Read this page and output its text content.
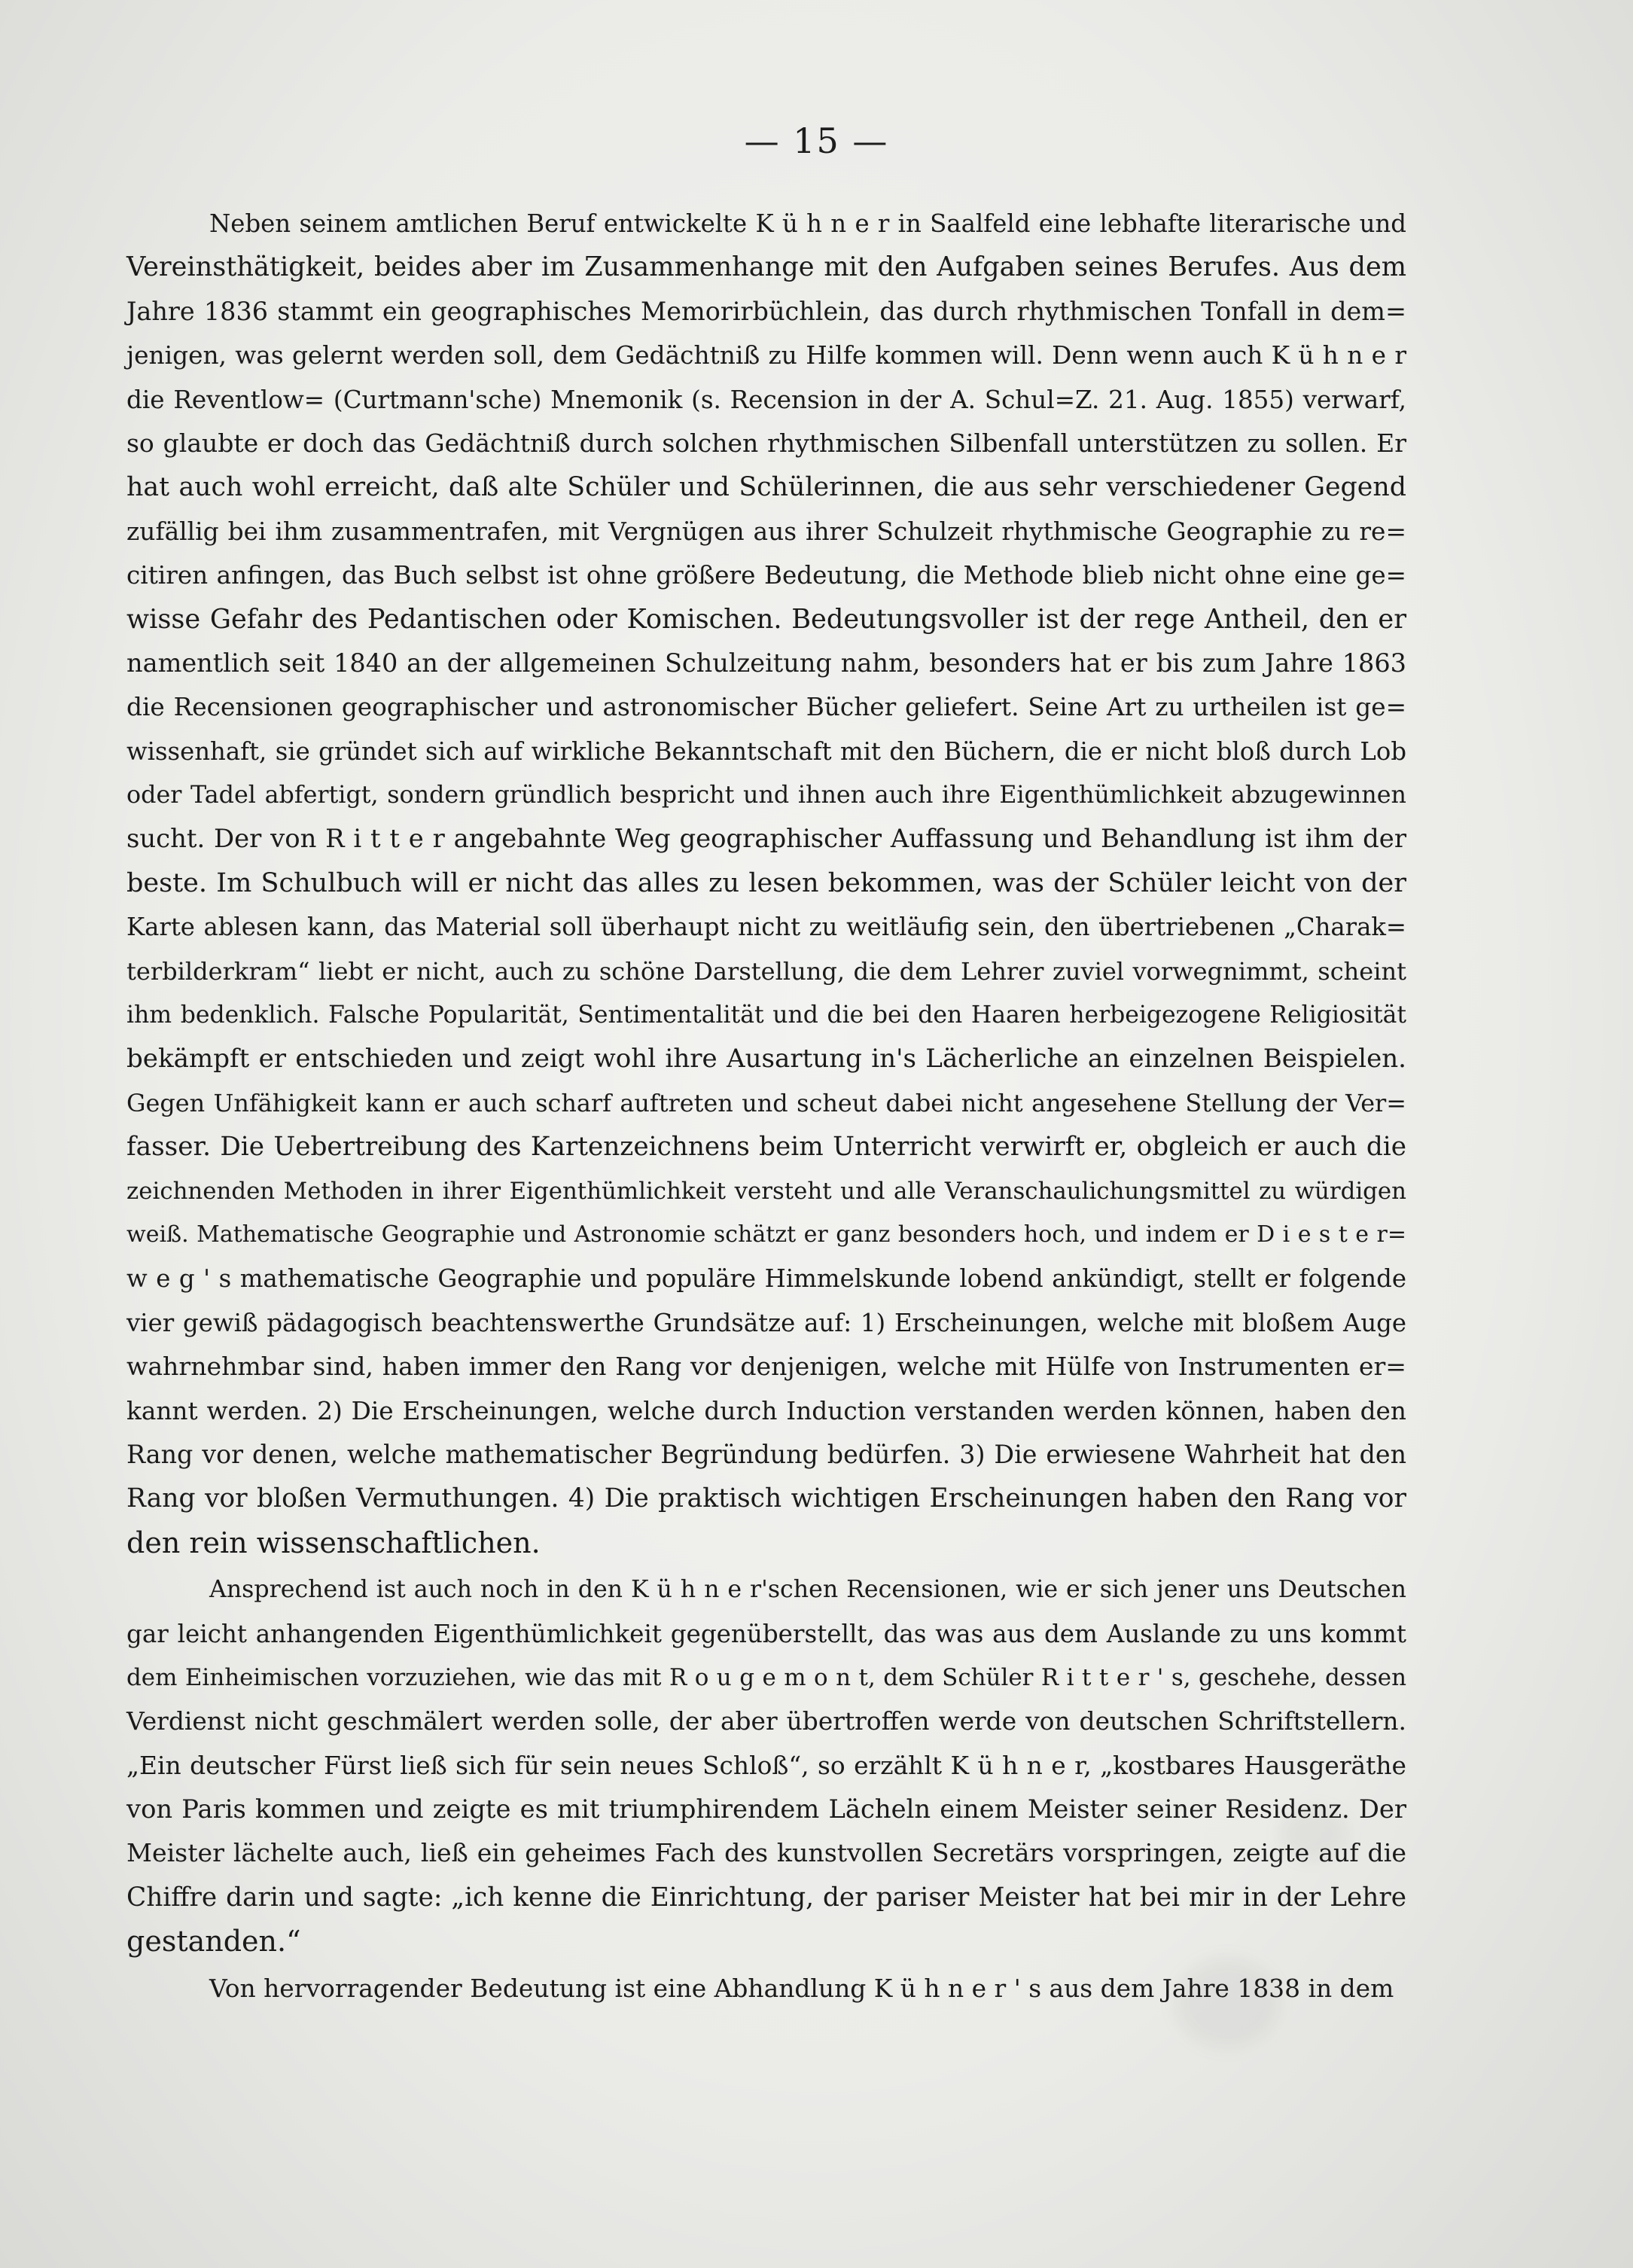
— 15 —
Neben seinem amtlichen Beruf entwickelte K ü h n e r in Saalfeld eine lebhafte literarische und
Vereinsthätigkeit, beides aber im Zusammenhange mit den Aufgaben seines Berufes. Aus dem
Jahre 1836 stammt ein geographisches Memorirbüchlein, das durch rhythmischen Tonfall in dem=
jenigen, was gelernt werden soll, dem Gedächtniß zu Hilfe kommen will. Denn wenn auch K ü h n e r
die Reventlow= (Curtmann'sche) Mnemonik (s. Recension in der A. Schul=Z. 21. Aug. 1855) verwarf,
so glaubte er doch das Gedächtniß durch solchen rhythmischen Silbenfall unterstützen zu sollen. Er
hat auch wohl erreicht, daß alte Schüler und Schülerinnen, die aus sehr verschiedener Gegend
zufällig bei ihm zusammentrafen, mit Vergnügen aus ihrer Schulzeit rhythmische Geographie zu re=
citiren anfingen, das Buch selbst ist ohne größere Bedeutung, die Methode blieb nicht ohne eine ge=
wisse Gefahr des Pedantischen oder Komischen. Bedeutungsvoller ist der rege Antheil, den er
namentlich seit 1840 an der allgemeinen Schulzeitung nahm, besonders hat er bis zum Jahre 1863
die Recensionen geographischer und astronomischer Bücher geliefert. Seine Art zu urtheilen ist ge=
wissenhaft, sie gründet sich auf wirkliche Bekanntschaft mit den Büchern, die er nicht bloß durch Lob
oder Tadel abfertigt, sondern gründlich bespricht und ihnen auch ihre Eigenthümlichkeit abzugewinnen
sucht. Der von R i t t e r angebahnte Weg geographischer Auffassung und Behandlung ist ihm der
beste. Im Schulbuch will er nicht das alles zu lesen bekommen, was der Schüler leicht von der
Karte ablesen kann, das Material soll überhaupt nicht zu weitläufig sein, den übertriebenen „Charak=
terbilderkram“ liebt er nicht, auch zu schöne Darstellung, die dem Lehrer zuviel vorwegnimmt, scheint
ihm bedenklich. Falsche Popularität, Sentimentalität und die bei den Haaren herbeigezogene Religiosität
bekämpft er entschieden und zeigt wohl ihre Ausartung in's Lächerliche an einzelnen Beispielen.
Gegen Unfähigkeit kann er auch scharf auftreten und scheut dabei nicht angesehene Stellung der Ver=
fasser. Die Uebertreibung des Kartenzeichnens beim Unterricht verwirft er, obgleich er auch die
zeichnenden Methoden in ihrer Eigenthümlichkeit versteht und alle Veranschaulichungsmittel zu würdigen
weiß. Mathematische Geographie und Astronomie schätzt er ganz besonders hoch, und indem er D i e s t e r=
w e g ' s mathematische Geographie und populäre Himmelskunde lobend ankündigt, stellt er folgende
vier gewiß pädagogisch beachtenswerthe Grundsätze auf: 1) Erscheinungen, welche mit bloßem Auge
wahrnehmbar sind, haben immer den Rang vor denjenigen, welche mit Hülfe von Instrumenten er=
kannt werden. 2) Die Erscheinungen, welche durch Induction verstanden werden können, haben den
Rang vor denen, welche mathematischer Begründung bedürfen. 3) Die erwiesene Wahrheit hat den
Rang vor bloßen Vermuthungen. 4) Die praktisch wichtigen Erscheinungen haben den Rang vor
den rein wissenschaftlichen.
Ansprechend ist auch noch in den K ü h n e r'schen Recensionen, wie er sich jener uns Deutschen
gar leicht anhangenden Eigenthümlichkeit gegenüberstellt, das was aus dem Auslande zu uns kommt
dem Einheimischen vorzuziehen, wie das mit R o u g e m o n t, dem Schüler R i t t e r ' s, geschehe, dessen
Verdienst nicht geschmälert werden solle, der aber übertroffen werde von deutschen Schriftstellern.
„Ein deutscher Fürst ließ sich für sein neues Schloß“, so erzählt K ü h n e r, „kostbares Hausgeräthe
von Paris kommen und zeigte es mit triumphirendem Lächeln einem Meister seiner Residenz. Der
Meister lächelte auch, ließ ein geheimes Fach des kunstvollen Secretärs vorspringen, zeigte auf die
Chiffre darin und sagte: „ich kenne die Einrichtung, der pariser Meister hat bei mir in der Lehre
gestanden.“
Von hervorragender Bedeutung ist eine Abhandlung K ü h n e r ' s aus dem Jahre 1838 in dem
